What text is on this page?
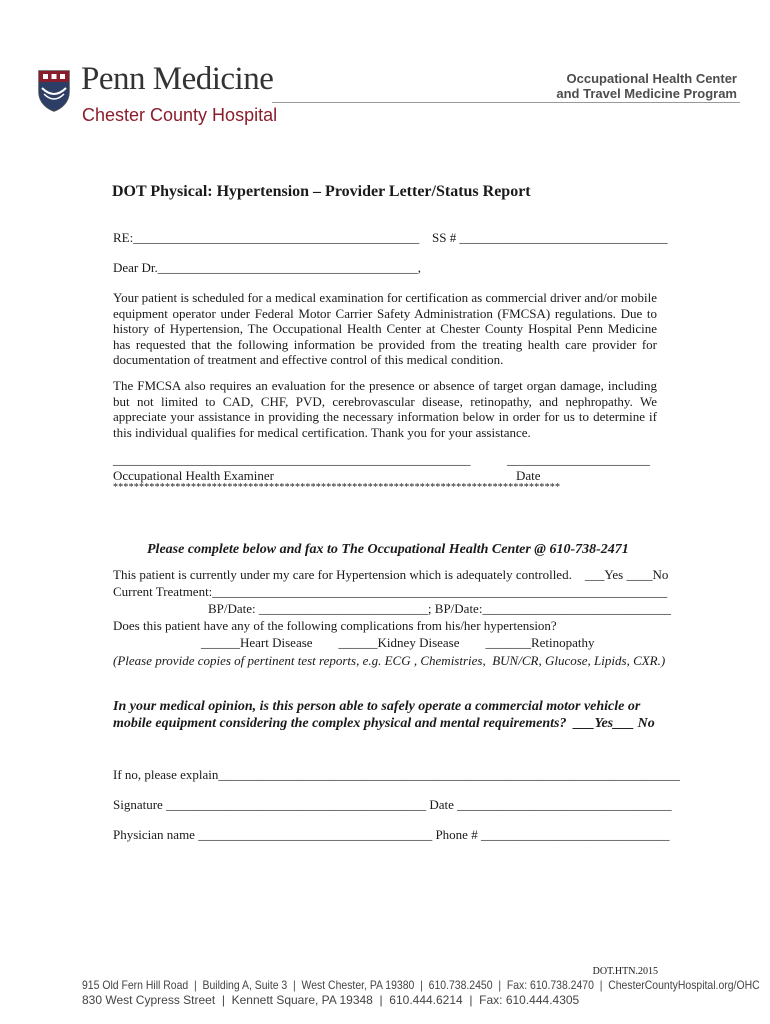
Penn Medicine
Chester County Hospital
Occupational Health Center
and Travel Medicine Program
DOT Physical: Hypertension – Provider Letter/Status Report
RE:____________________________________________ SS # ________________________________
Dear Dr.________________________________________,
Your patient is scheduled for a medical examination for certification as commercial driver and/or mobile equipment operator under Federal Motor Carrier Safety Administration (FMCSA) regulations. Due to history of Hypertension, The Occupational Health Center at Chester County Hospital Penn Medicine has requested that the following information be provided from the treating health care provider for documentation of treatment and effective control of this medical condition.
The FMCSA also requires an evaluation for the presence or absence of target organ damage, including but not limited to CAD, CHF, PVD, cerebrovascular disease, retinopathy, and nephropathy. We appreciate your assistance in providing the necessary information below in order for us to determine if this individual qualifies for medical certification. Thank you for your assistance.
_______________________________________________________	______________________
Occupational Health Examiner	Date
**************************************************************************************
Please complete below and fax to The Occupational Health Center @ 610-738-2471
This patient is currently under my care for Hypertension which is adequately controlled.    ___Yes ____No
Current Treatment:______________________________________________________________________
BP/Date: __________________________; BP/Date:_____________________________
Does this patient have any of the following complications from his/her hypertension?
______Heart Disease        ______Kidney Disease        _______Retinopathy
(Please provide copies of pertinent test reports, e.g. ECG , Chemistries,  BUN/CR, Glucose, Lipids, CXR.)
In your medical opinion, is this person able to safely operate a commercial motor vehicle or
mobile equipment considering the complex physical and mental requirements?  ___Yes___ No
If no, please explain_______________________________________________________________________
Signature ________________________________________ Date _________________________________
Physician name ____________________________________ Phone # _____________________________
DOT.HTN.2015
915 Old Fern Hill Road  |  Building A, Suite 3  |  West Chester, PA 19380  |  610.738.2450  |  Fax: 610.738.2470  |  ChesterCountyHospital.org/OHC
830 West Cypress Street  |  Kennett Square, PA 19348  |  610.444.6214  |  Fax: 610.444.4305
